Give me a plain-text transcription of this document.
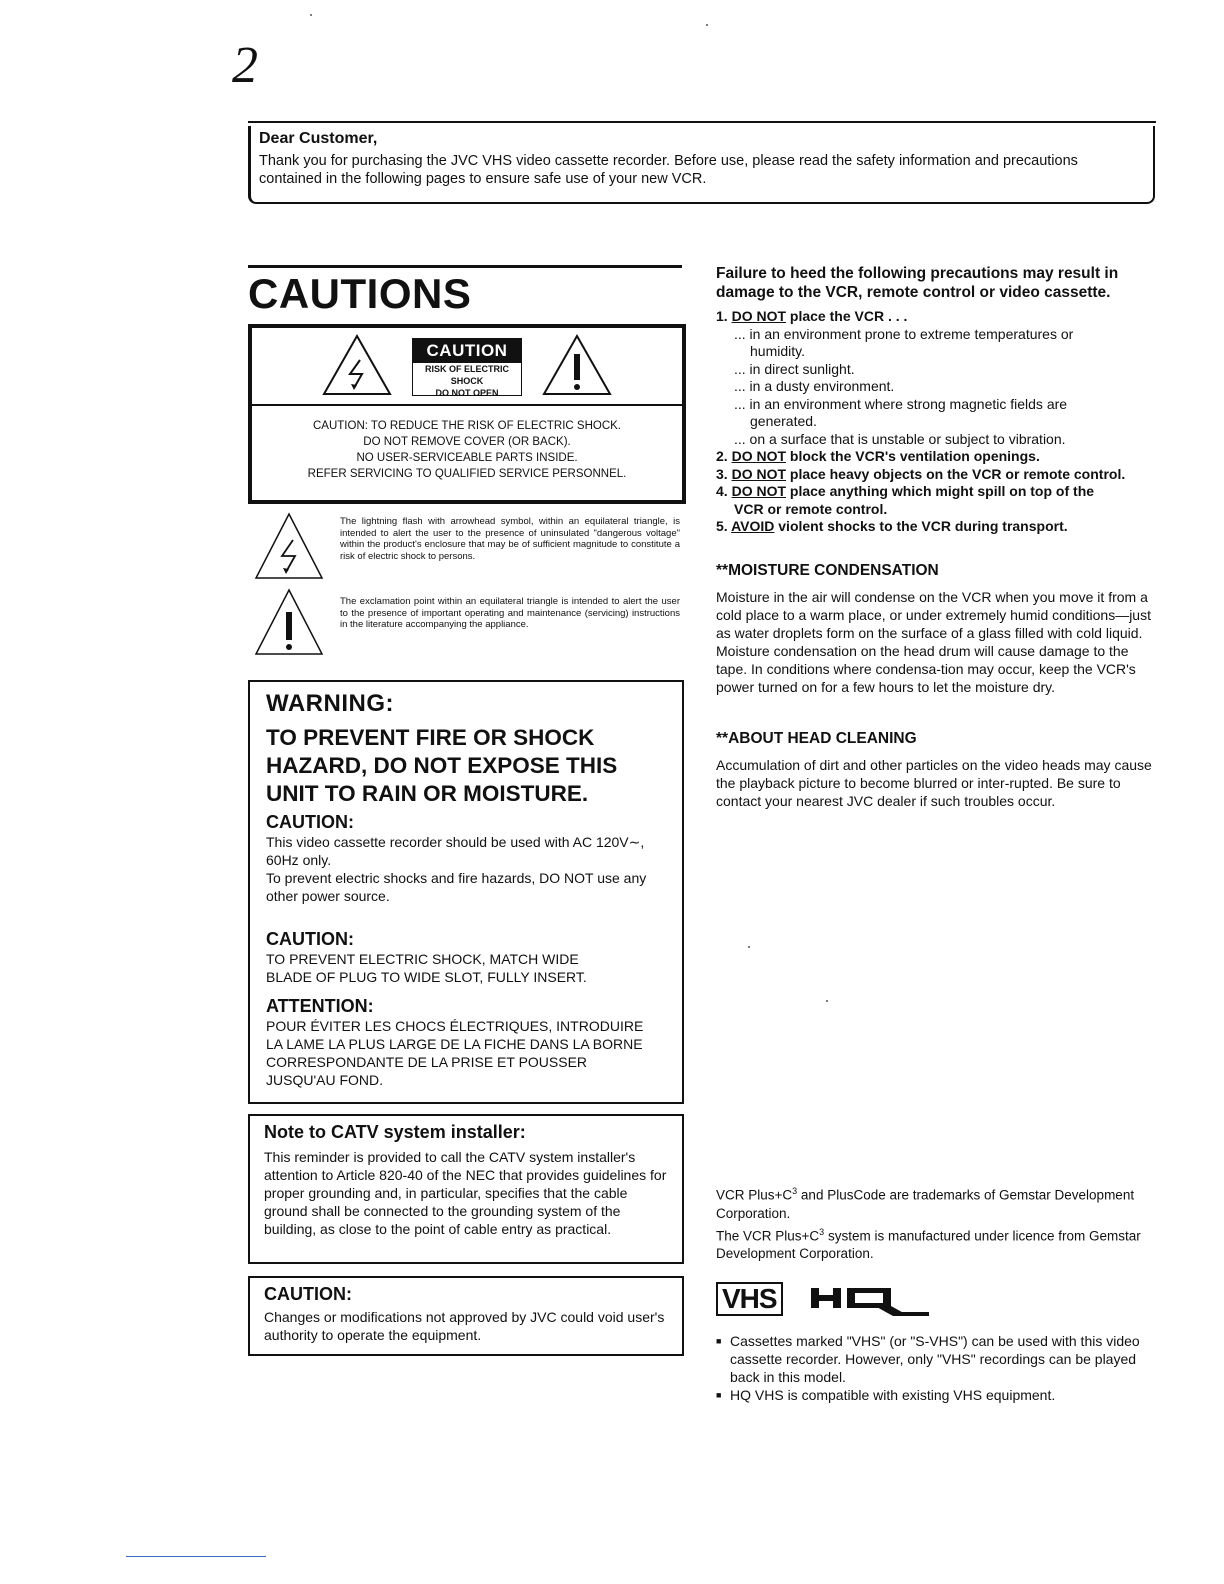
2
Dear Customer,
Thank you for purchasing the JVC VHS video cassette recorder. Before use, please read the safety information and precautions contained in the following pages to ensure safe use of your new VCR.
CAUTIONS
CAUTION
RISK OF ELECTRIC SHOCK
DO NOT OPEN
CAUTION: TO REDUCE THE RISK OF ELECTRIC SHOCK.
DO NOT REMOVE COVER (OR BACK).
NO USER-SERVICEABLE PARTS INSIDE.
REFER SERVICING TO QUALIFIED SERVICE PERSONNEL.
The lightning flash with arrowhead symbol, within an equilateral triangle, is intended to alert the user to the presence of uninsulated "dangerous voltage" within the product's enclosure that may be of sufficient magnitude to constitute a risk of electric shock to persons.
The exclamation point within an equilateral triangle is intended to alert the user to the presence of important operating and maintenance (servicing) instructions in the literature accompanying the appliance.
WARNING:
TO PREVENT FIRE OR SHOCK
HAZARD, DO NOT EXPOSE THIS
UNIT TO RAIN OR MOISTURE.
CAUTION:
This video cassette recorder should be used with AC 120V∼, 60Hz only.
To prevent electric shocks and fire hazards, DO NOT use any other power source.
CAUTION:
TO PREVENT ELECTRIC SHOCK, MATCH WIDE
BLADE OF PLUG TO WIDE SLOT, FULLY INSERT.
ATTENTION:
POUR ÉVITER LES CHOCS ÉLECTRIQUES, INTRODUIRE
LA LAME LA PLUS LARGE DE LA FICHE DANS LA BORNE
CORRESPONDANTE DE LA PRISE ET POUSSER
JUSQU'AU FOND.
Note to CATV system installer:
This reminder is provided to call the CATV system installer's attention to Article 820-40 of the NEC that provides guidelines for proper grounding and, in particular, specifies that the cable ground shall be connected to the grounding system of the building, as close to the point of cable entry as practical.
CAUTION:
Changes or modifications not approved by JVC could void user's authority to operate the equipment.
Failure to heed the following precautions may result in damage to the VCR, remote control or video cassette.
1. DO NOT place the VCR . . .
... in an environment prone to extreme temperatures or
humidity.
... in direct sunlight.
... in a dusty environment.
... in an environment where strong magnetic fields are
generated.
... on a surface that is unstable or subject to vibration.
2. DO NOT block the VCR's ventilation openings.
3. DO NOT place heavy objects on the VCR or remote control.
4. DO NOT place anything which might spill on top of the
VCR or remote control.
5. AVOID violent shocks to the VCR during transport.
**MOISTURE CONDENSATION
Moisture in the air will condense on the VCR when you move it from a cold place to a warm place, or under extremely humid conditions—just as water droplets form on the surface of a glass filled with cold liquid. Moisture condensation on the head drum will cause damage to the tape. In conditions where condensa-tion may occur, keep the VCR's power turned on for a few hours to let the moisture dry.
**ABOUT HEAD CLEANING
Accumulation of dirt and other particles on the video heads may cause the playback picture to become blurred or inter-rupted. Be sure to contact your nearest JVC dealer if such troubles occur.
VCR $Plus+C^3$ and PlusCode are trademarks of Gemstar Development Corporation.
The VCR $Plus+C^3$ system is manufactured under licence from Gemstar Development Corporation.
VHS
■ Cassettes marked "VHS" (or "S-VHS") can be used with this video cassette recorder. However, only "VHS" recordings can be played back in this model.
■ HQ VHS is compatible with existing VHS equipment.
